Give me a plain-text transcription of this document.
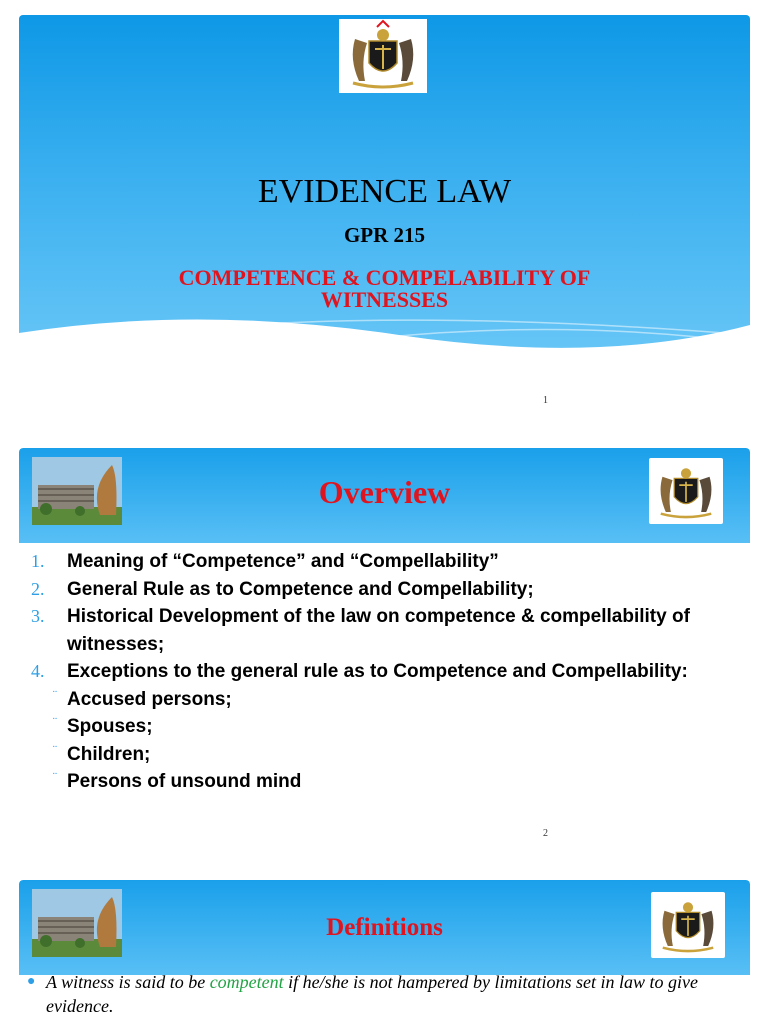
EVIDENCE LAW
GPR 215
COMPETENCE & COMPELABILITY OF
WITNESSES
1
Overview
1. Meaning of “Competence” and “Compellability”
2. General Rule as to Competence and Compellability;
3. Historical Development of the law on competence & compellability of witnesses;
4. Exceptions to the general rule as to Competence and Compellability:
¨ Accused persons;
¨ Spouses;
¨ Children;
¨ Persons of unsound mind
2
Definitions
● A witness is said to be competent if he/she is not hampered by limitations set in law to give evidence.
